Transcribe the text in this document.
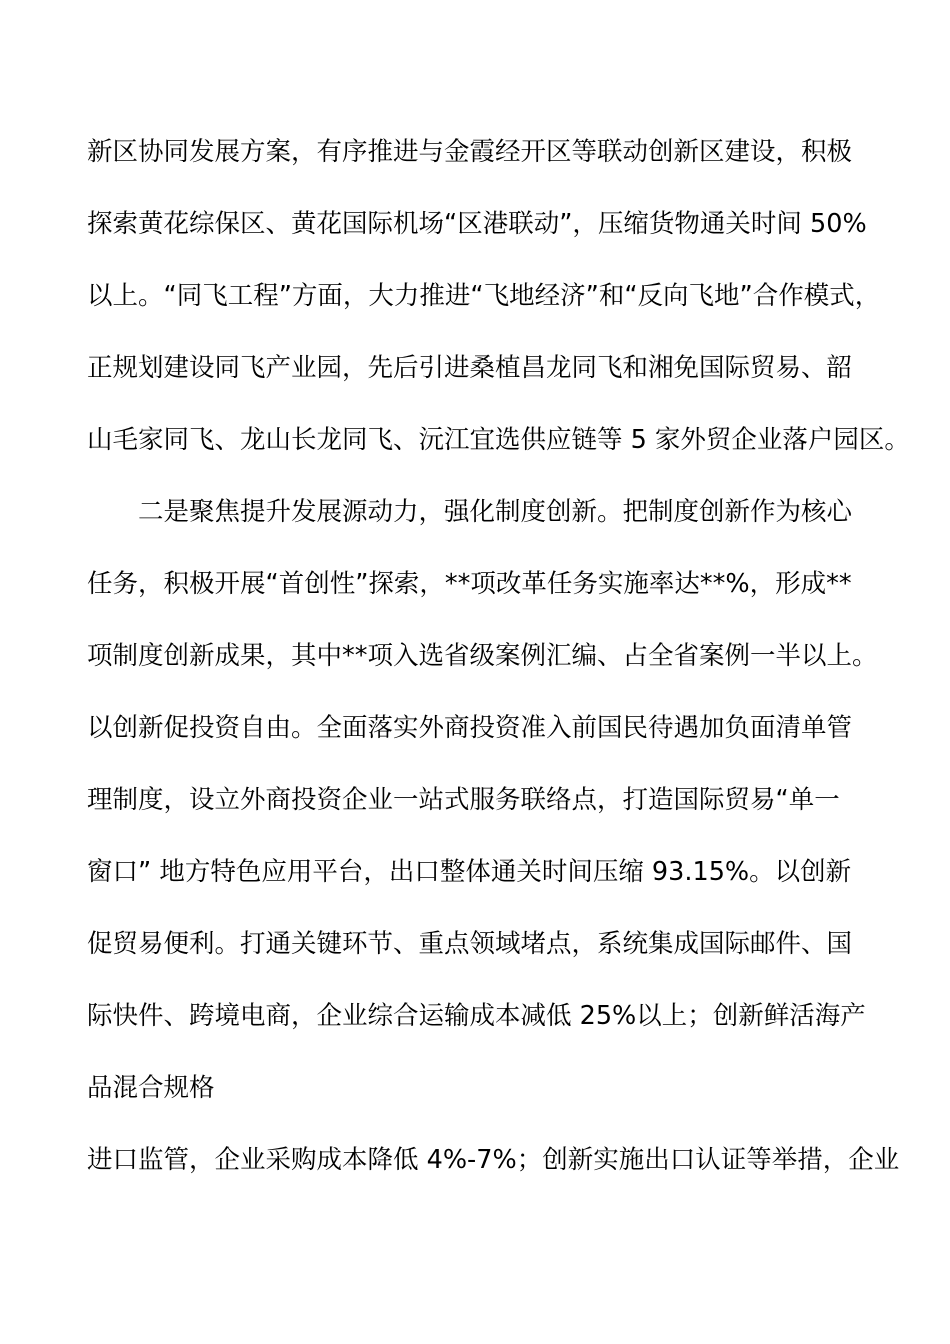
新区协同发展方案，有序推进与金霞经开区等联动创新区建设，积极
探索黄花综保区、黄花国际机场“区港联动”，压缩货物通关时间 50%
以上。“同飞工程”方面，大力推进“飞地经济”和“反向飞地”合作模式，
正规划建设同飞产业园，先后引进桑植昌龙同飞和湘免国际贸易、韶
山毛家同飞、龙山长龙同飞、沅江宜选供应链等 5 家外贸企业落户园区。
二是聚焦提升发展源动力，强化制度创新。把制度创新作为核心
任务，积极开展“首创性”探索，**项改革任务实施率达**%，形成**
项制度创新成果，其中**项入选省级案例汇编、占全省案例一半以上。
以创新促投资自由。全面落实外商投资准入前国民待遇加负面清单管
理制度，设立外商投资企业一站式服务联络点，打造国际贸易“单一
窗口” 地方特色应用平台，出口整体通关时间压缩 93.15%。以创新
促贸易便利。打通关键环节、重点领域堵点，系统集成国际邮件、国
际快件、跨境电商，企业综合运输成本减低 25%以上；创新鲜活海产
品混合规格
进口监管，企业采购成本降低 4%-7%；创新实施出口认证等举措，企业
